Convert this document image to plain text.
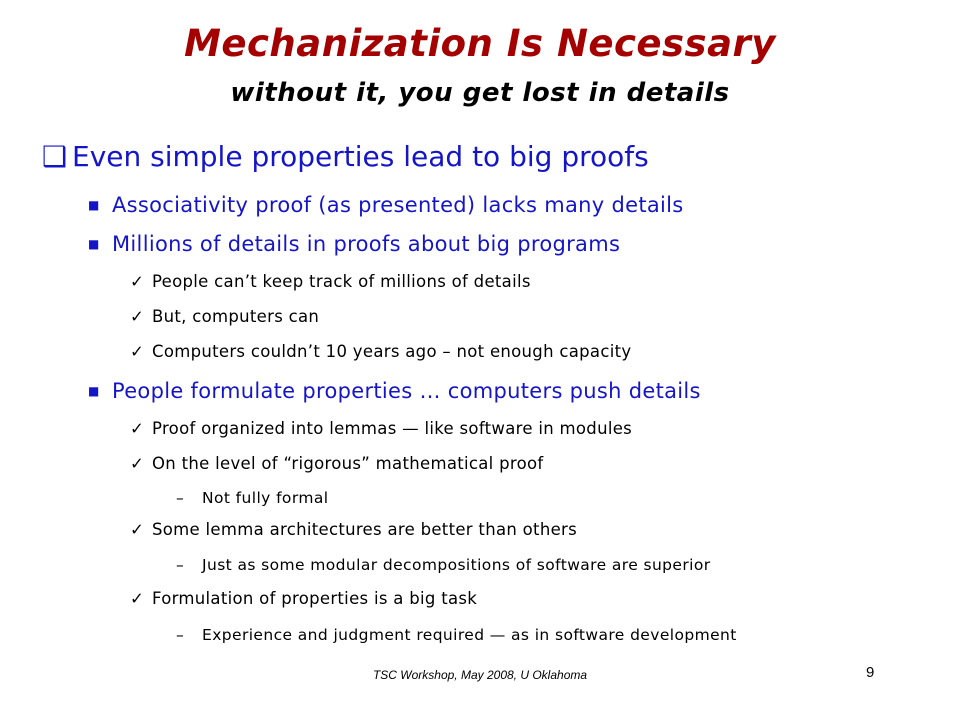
Mechanization Is Necessary
without it, you get lost in details
❑ Even simple properties lead to big proofs
■ Associativity proof (as presented) lacks many details
■ Millions of details in proofs about big programs
✓ People can’t keep track of millions of details
✓ But, computers can
✓ Computers couldn’t 10 years ago – not enough capacity
■ People formulate properties … computers push details
✓ Proof organized into lemmas — like software in modules
✓ On the level of “rigorous” mathematical proof
– Not fully formal
✓ Some lemma architectures are better than others
– Just as some modular decompositions of software are superior
✓ Formulation of properties is a big task
– Experience and judgment required — as in software development
TSC Workshop, May 2008, U Oklahoma	9
